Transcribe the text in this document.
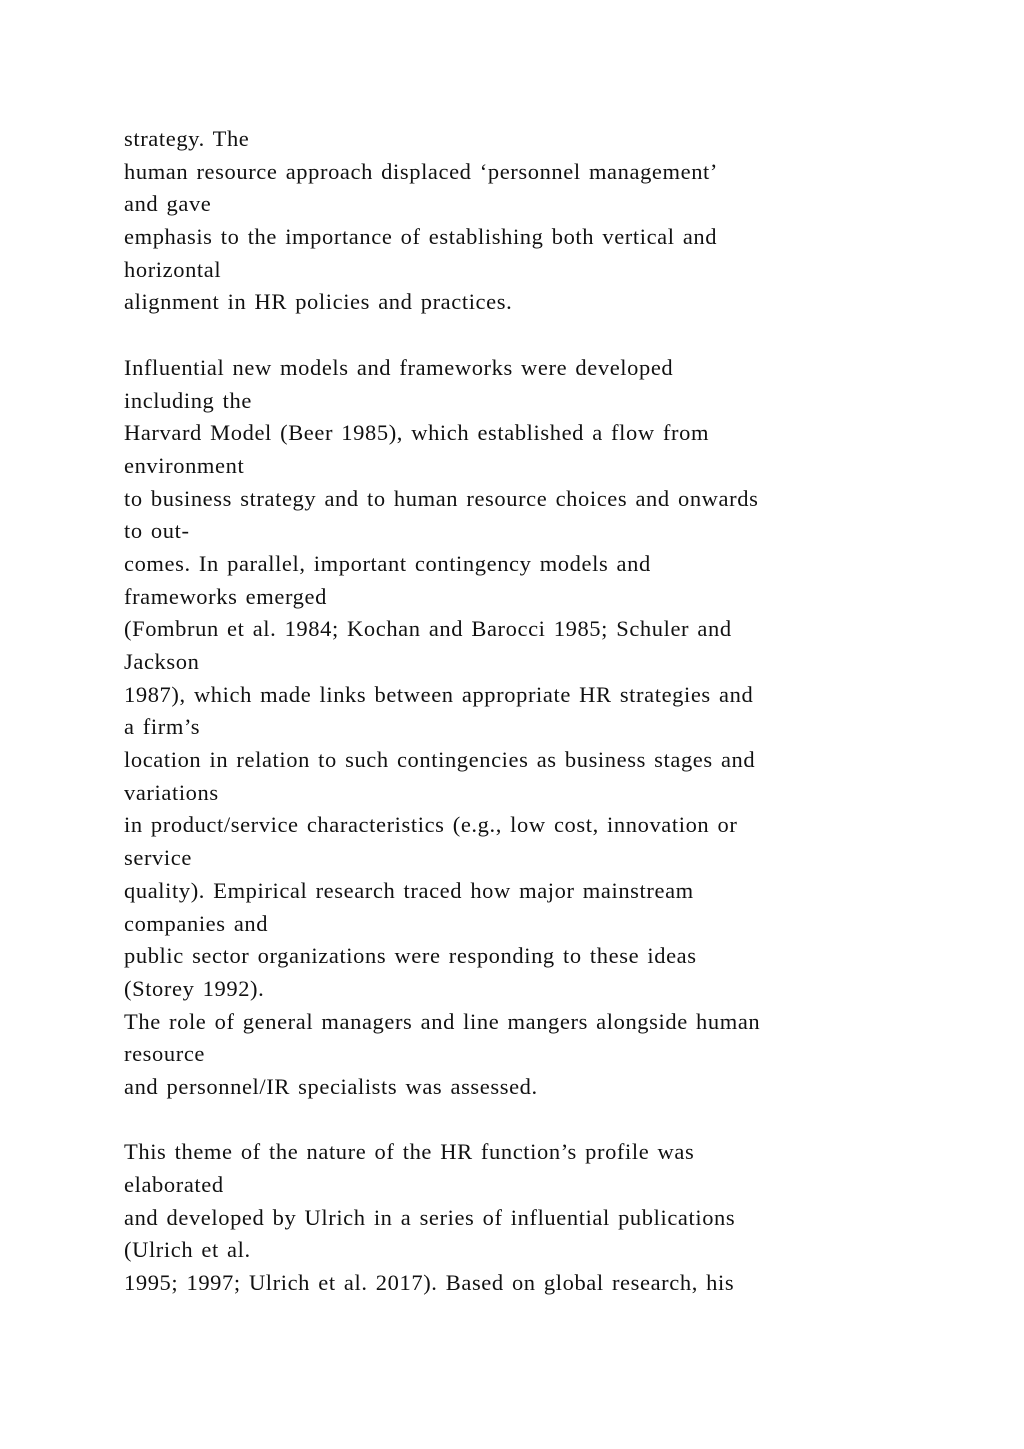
strategy. The
human resource approach displaced ‘personnel management’
and gave
emphasis to the importance of establishing both vertical and
horizontal
alignment in HR policies and practices.
Influential new models and frameworks were developed
including the
Harvard Model (Beer 1985), which established a flow from
environment
to business strategy and to human resource choices and onwards
to out-
comes. In parallel, important contingency models and
frameworks emerged
(Fombrun et al. 1984; Kochan and Barocci 1985; Schuler and
Jackson
1987), which made links between appropriate HR strategies and
a firm’s
location in relation to such contingencies as business stages and
variations
in product/service characteristics (e.g., low cost, innovation or
service
quality). Empirical research traced how major mainstream
companies and
public sector organizations were responding to these ideas
(Storey 1992).
The role of general managers and line mangers alongside human
resource
and personnel/IR specialists was assessed.
This theme of the nature of the HR function’s profile was
elaborated
and developed by Ulrich in a series of influential publications
(Ulrich et al.
1995; 1997; Ulrich et al. 2017). Based on global research, his
